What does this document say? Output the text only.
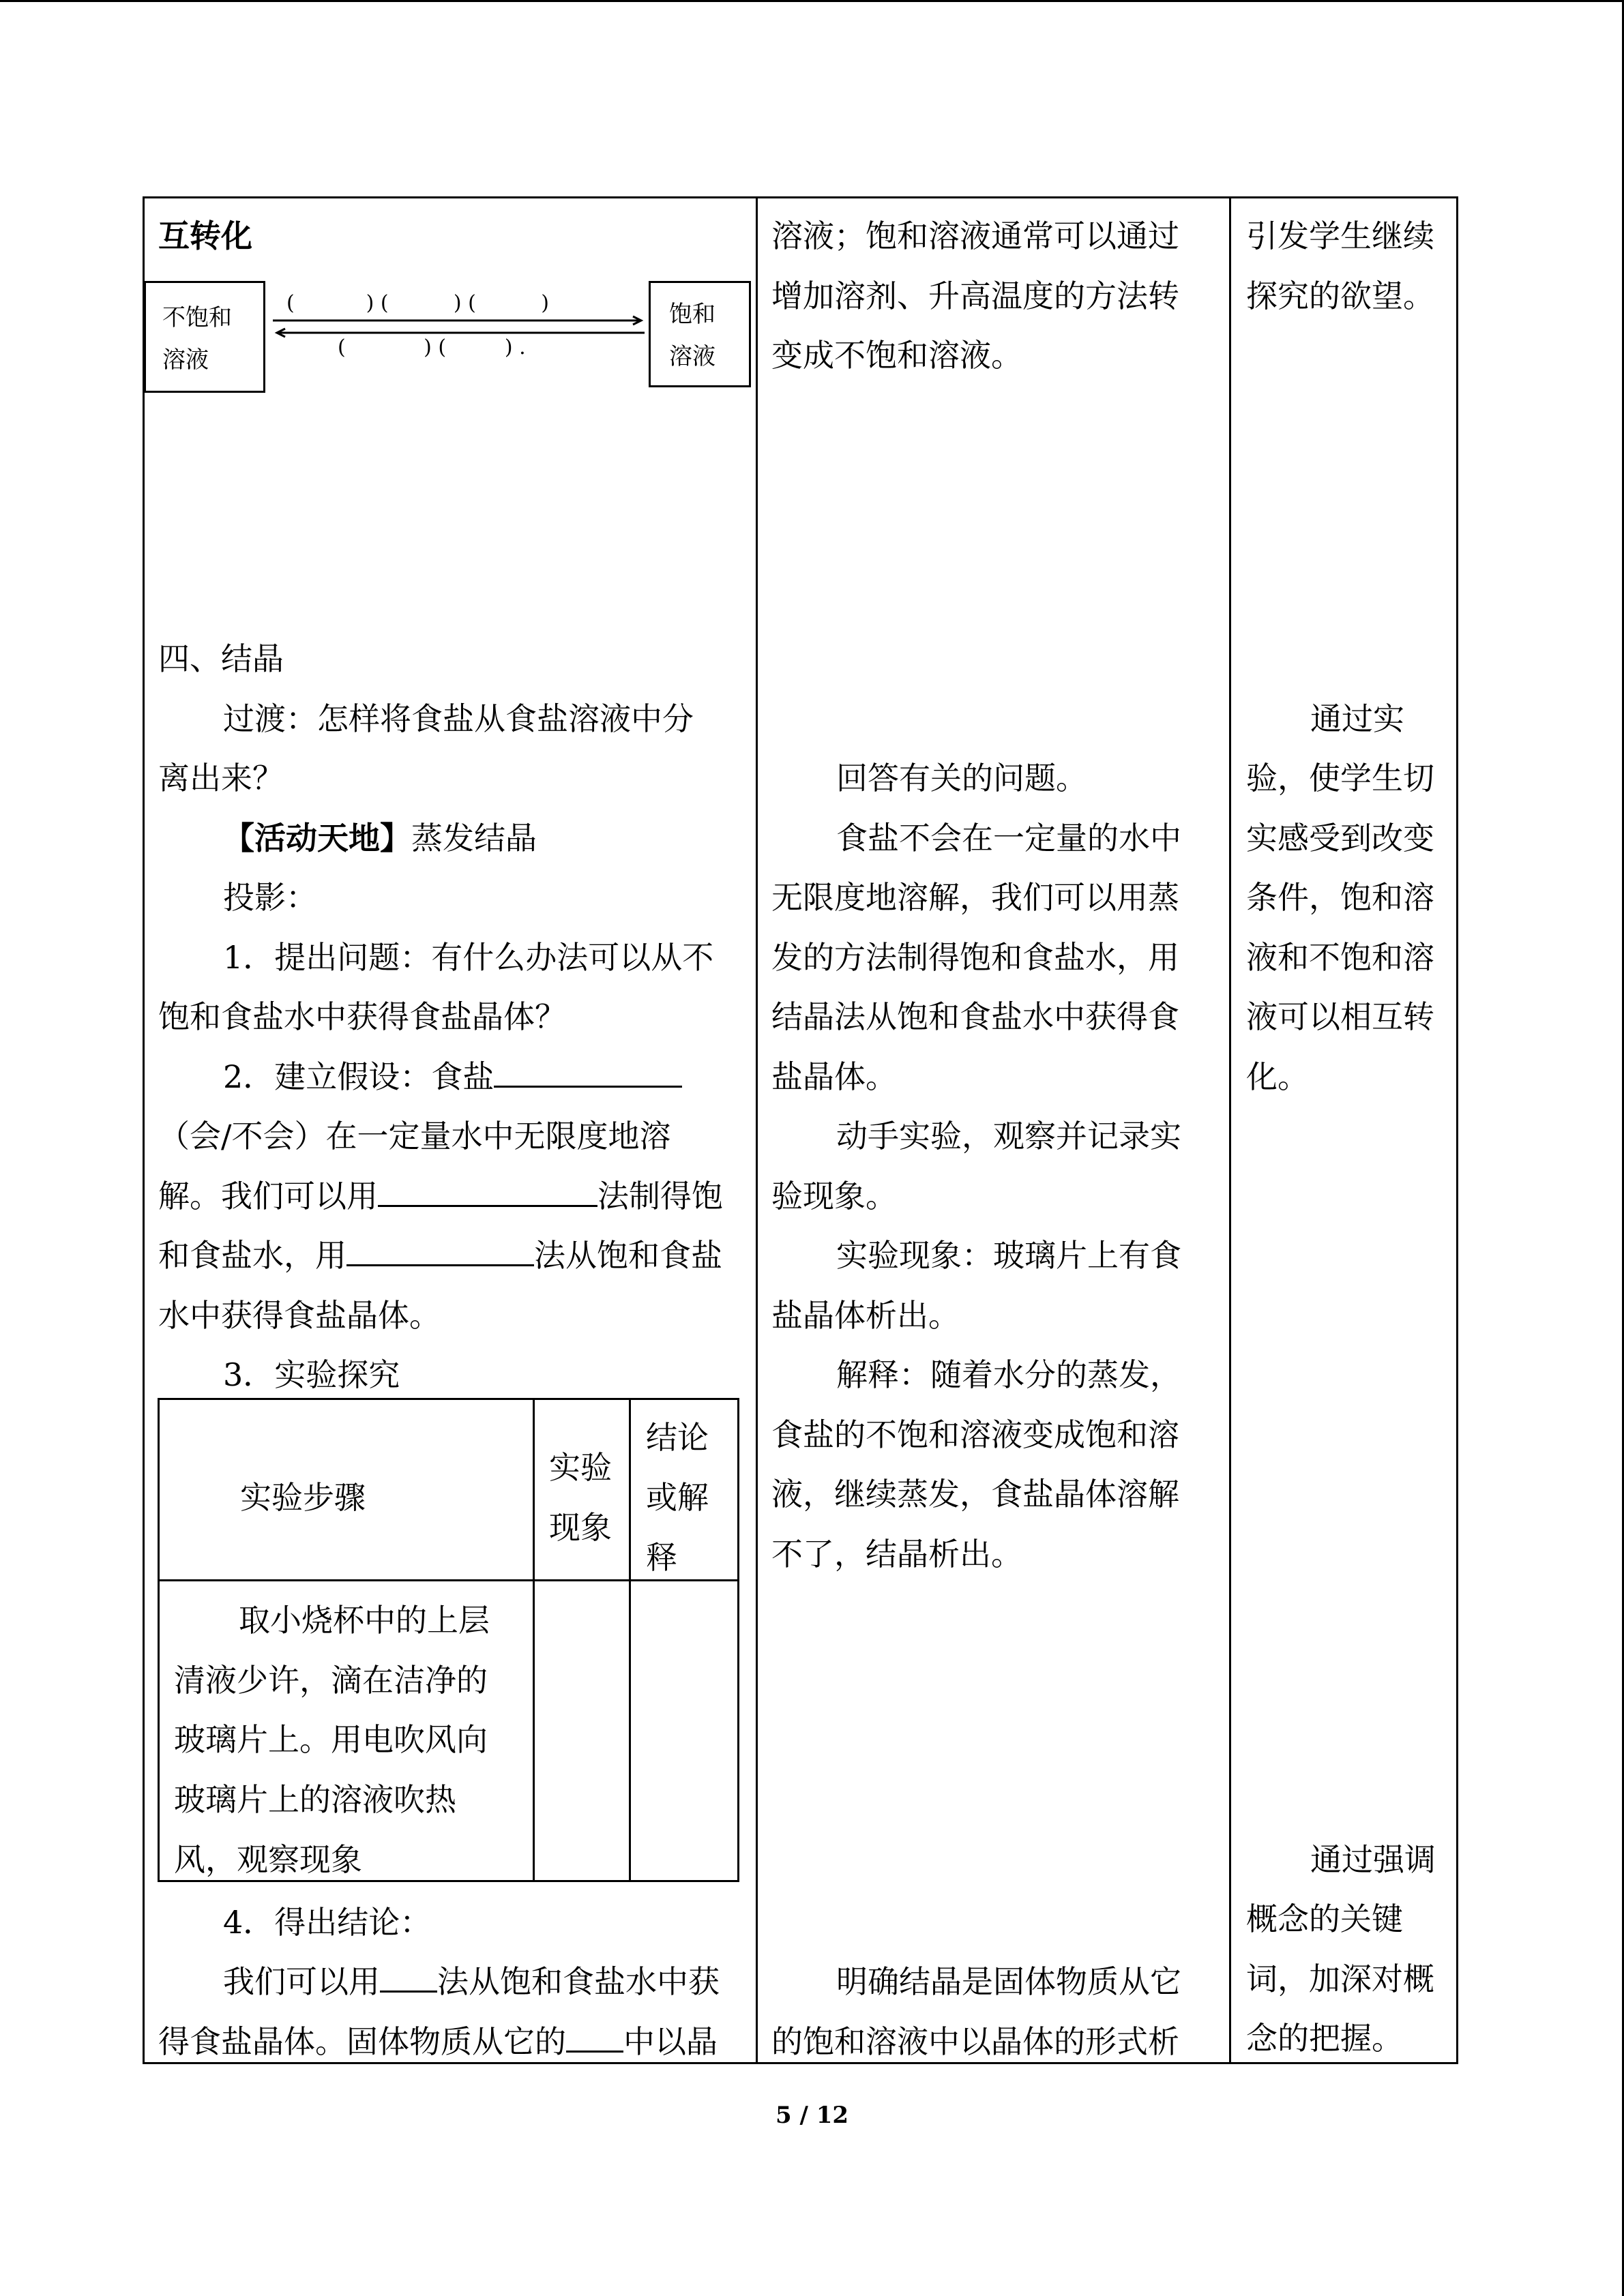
互转化
不饱和
溶液
饱和
溶液
(           ) (          ) (          )
(            ) (         ) .
四、结晶
过渡：怎样将食盐从食盐溶液中分
离出来？
【活动天地】蒸发结晶
投影：
1．提出问题：有什么办法可以从不
饱和食盐水中获得食盐晶体？
2．建立假设：食盐
（会/不会）在一定量水中无限度地溶
解。我们可以用	法制得饱
和食盐水，用	法从饱和食盐
水中获得食盐晶体。
3．实验探究
实验步骤
实验
现象
结论
或解
释
取小烧杯中的上层
清液少许，滴在洁净的
玻璃片上。用电吹风向
玻璃片上的溶液吹热
风，观察现象
4．得出结论：
我们可以用 法从饱和食盐水中获
得食盐晶体。固体物质从它的 中以晶
溶液；饱和溶液通常可以通过
增加溶剂、升高温度的方法转
变成不饱和溶液。
回答有关的问题。
食盐不会在一定量的水中
无限度地溶解，我们可以用蒸
发的方法制得饱和食盐水，用
结晶法从饱和食盐水中获得食
盐晶体。
动手实验，观察并记录实
验现象。
实验现象：玻璃片上有食
盐晶体析出。
解释：随着水分的蒸发，
食盐的不饱和溶液变成饱和溶
液，继续蒸发，食盐晶体溶解
不了，结晶析出。
明确结晶是固体物质从它
的饱和溶液中以晶体的形式析
引发学生继续
探究的欲望。
通过实
验，使学生切
实感受到改变
条件，饱和溶
液和不饱和溶
液可以相互转
化。
通过强调
概念的关键
词，加深对概
念的把握。
5 / 12
